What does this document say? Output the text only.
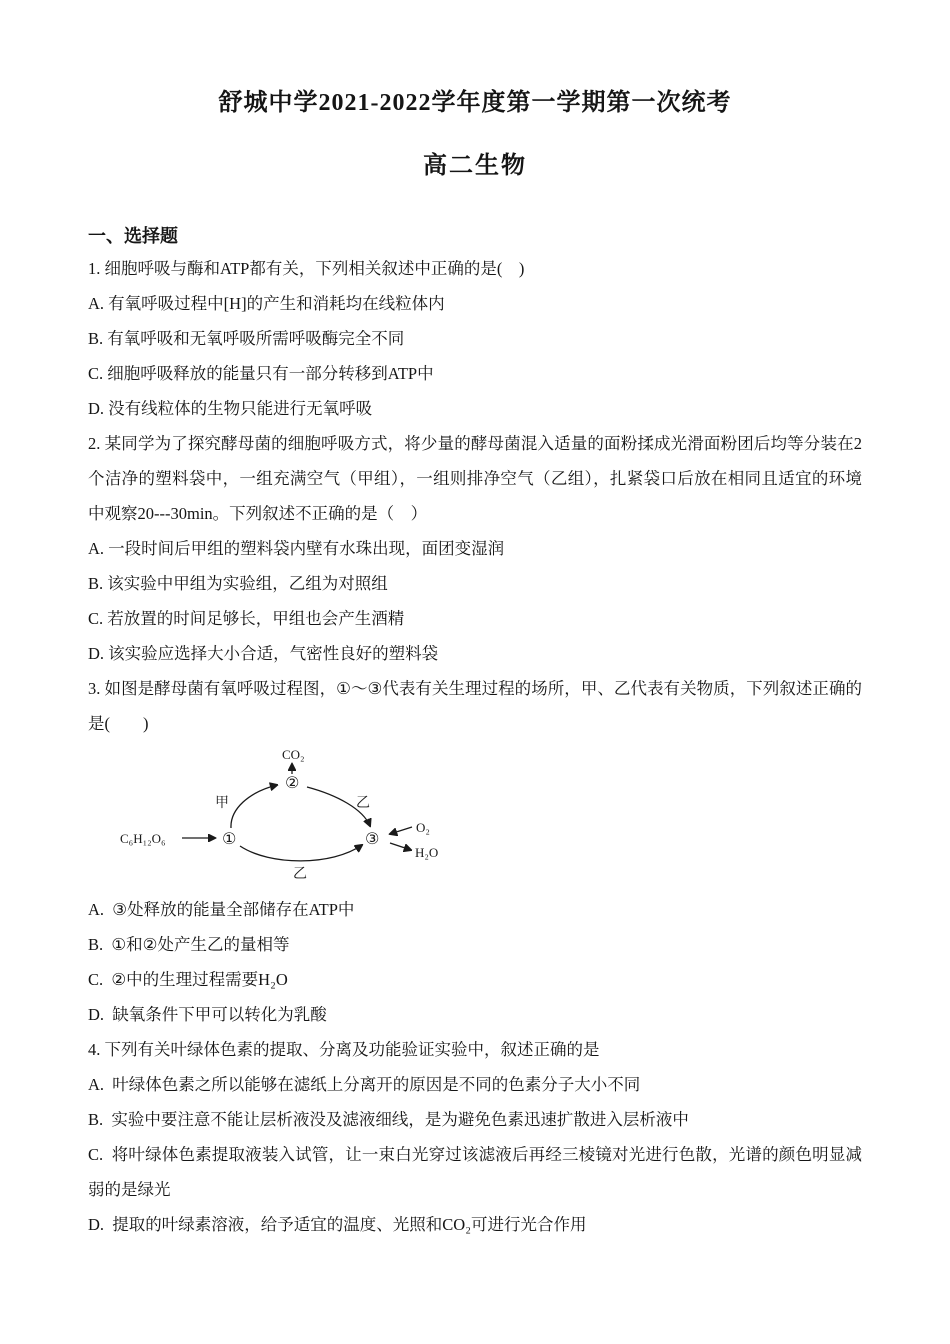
舒城中学2021-2022学年度第一学期第一次统考
高二生物
一、选择题

1. 细胞呼吸与酶和ATP都有关，下列相关叙述中正确的是(　)

A. 有氧呼吸过程中[H]的产生和消耗均在线粒体内

B. 有氧呼吸和无氧呼吸所需呼吸酶完全不同

C. 细胞呼吸释放的能量只有一部分转移到ATP中

D. 没有线粒体的生物只能进行无氧呼吸

2. 某同学为了探究酵母菌的细胞呼吸方式，将少量的酵母菌混入适量的面粉揉成光滑面粉团后均等分装在2个洁净的塑料袋中，一组充满空气（甲组），一组则排净空气（乙组），扎紧袋口后放在相同且适宜的环境中观察20---30min。下列叙述不正确的是（　）

A. 一段时间后甲组的塑料袋内壁有水珠出现，面团变湿润

B. 该实验中甲组为实验组，乙组为对照组

C. 若放置的时间足够长，甲组也会产生酒精

D. 该实验应选择大小合适，气密性良好的塑料袋

3. 如图是酵母菌有氧呼吸过程图，①～③代表有关生理过程的场所，甲、乙代表有关物质，下列叙述正确的是(　　)

C₆H₁₂O₆	①
甲
②
CO₂
乙
③
乙
O₂
H₂O

A.  ③处释放的能量全部储存在ATP中

B.  ①和②处产生乙的量相等

C.  ②中的生理过程需要H₂O

D.  缺氧条件下甲可以转化为乳酸

4. 下列有关叶绿体色素的提取、分离及功能验证实验中，叙述正确的是

A.  叶绿体色素之所以能够在滤纸上分离开的原因是不同的色素分子大小不同

B.  实验中要注意不能让层析液没及滤液细线，是为避免色素迅速扩散进入层析液中

C.  将叶绿体色素提取液装入试管，让一束白光穿过该滤液后再经三棱镜对光进行色散，光谱的颜色明显减弱的是绿光

D.  提取的叶绿素溶液，给予适宜的温度、光照和CO₂可进行光合作用
